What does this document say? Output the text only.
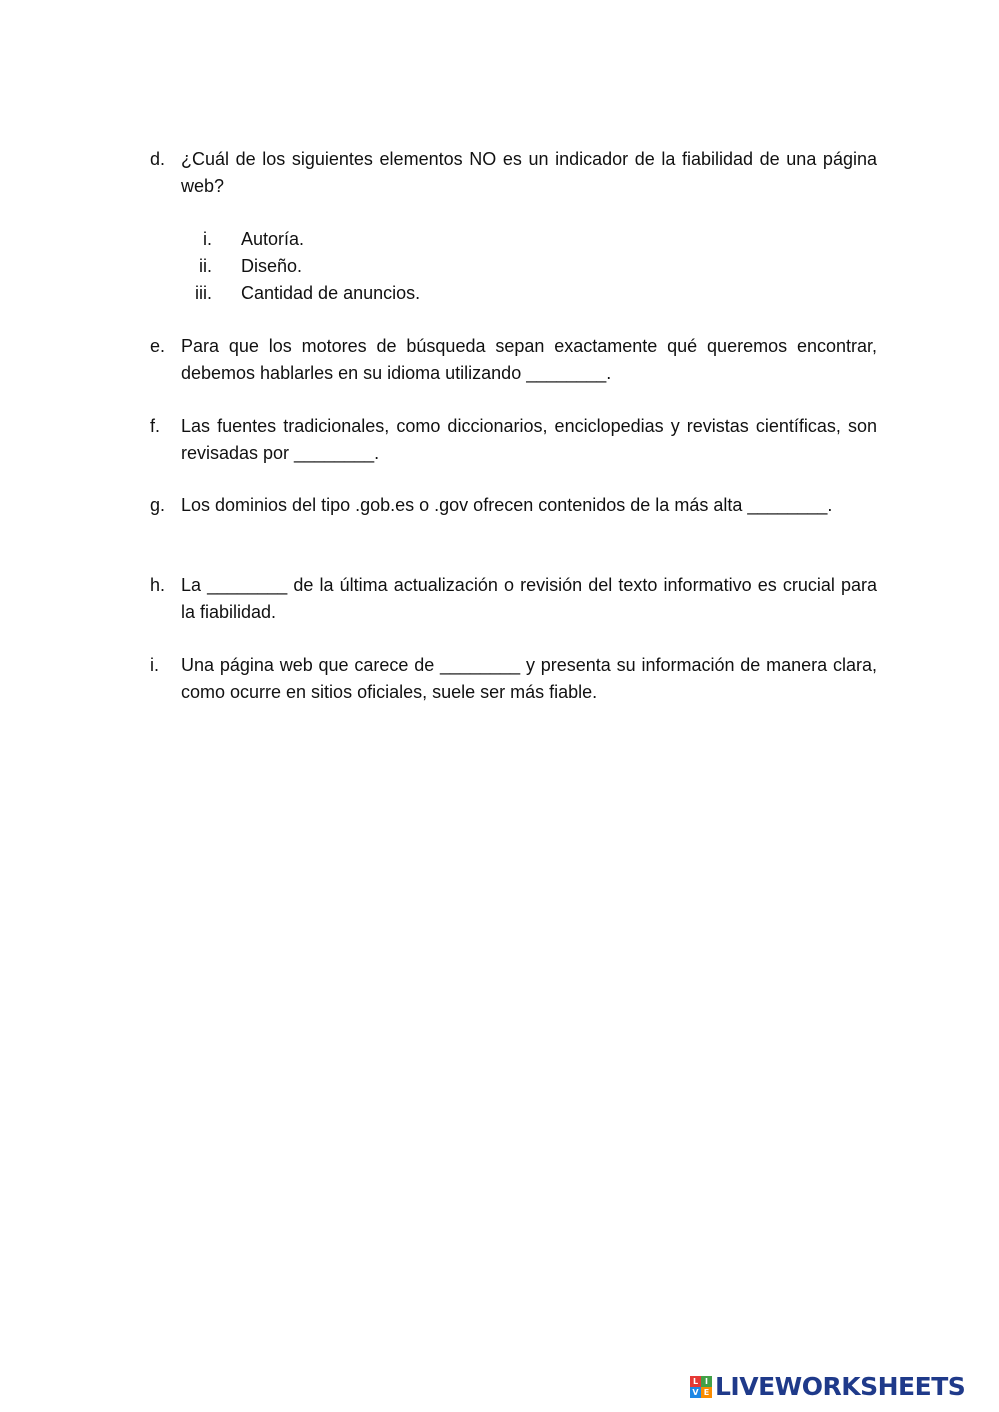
d. ¿Cuál de los siguientes elementos NO es un indicador de la fiabilidad de una página web?
i. Autoría.
ii. Diseño.
iii. Cantidad de anuncios.
e. Para que los motores de búsqueda sepan exactamente qué queremos encontrar, debemos hablarles en su idioma utilizando ________.
f.	Las fuentes tradicionales, como diccionarios, enciclopedias y revistas científicas, son revisadas por ________.
g. Los dominios del tipo .gob.es o .gov ofrecen contenidos de la más alta ________.
h. La ________ de la última actualización o revisión del texto informativo es crucial para la fiabilidad.
i.	Una página web que carece de ________ y presenta su información de manera clara, como ocurre en sitios oficiales, suele ser más fiable.
L I
V E LIVEWORKSHEETS
